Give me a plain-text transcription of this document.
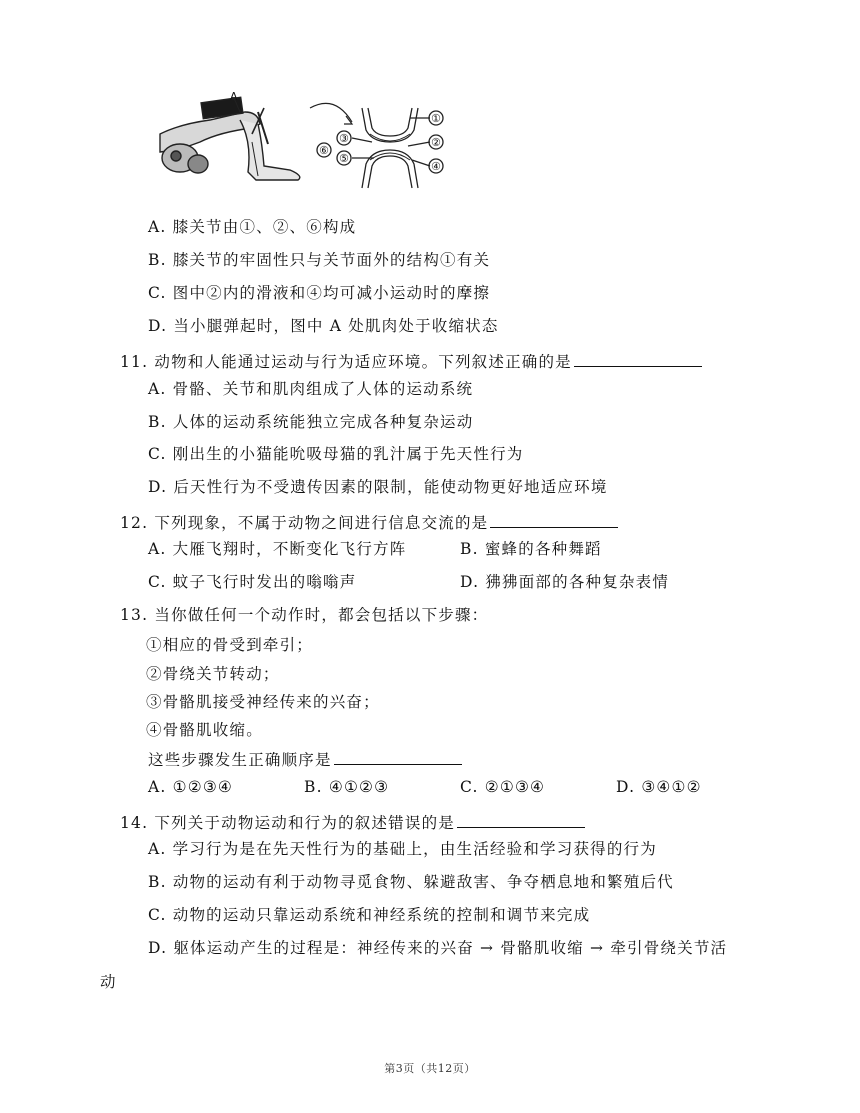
A
③
⑤
⑥
①
②
④
A. 膝关节由①、②、⑥构成
B. 膝关节的牢固性只与关节面外的结构①有关
C. 图中②内的滑液和④均可减小运动时的摩擦
D. 当小腿弹起时，图中 A 处肌肉处于收缩状态
11. 动物和人能通过运动与行为适应环境。下列叙述正确的是
A. 骨骼、关节和肌肉组成了人体的运动系统
B. 人体的运动系统能独立完成各种复杂运动
C. 刚出生的小猫能吮吸母猫的乳汁属于先天性行为
D. 后天性行为不受遗传因素的限制，能使动物更好地适应环境
12. 下列现象，不属于动物之间进行信息交流的是
A. 大雁飞翔时，不断变化飞行方阵	B. 蜜蜂的各种舞蹈
C. 蚊子飞行时发出的嗡嗡声	D. 狒狒面部的各种复杂表情
13. 当你做任何一个动作时，都会包括以下步骤：
①相应的骨受到牵引；
②骨绕关节转动；
③骨骼肌接受神经传来的兴奋；
④骨骼肌收缩。
这些步骤发生正确顺序是
A. ①②③④	B. ④①②③	C. ②①③④	D. ③④①②
14. 下列关于动物运动和行为的叙述错误的是
A. 学习行为是在先天性行为的基础上，由生活经验和学习获得的行为
B. 动物的运动有利于动物寻觅食物、躲避敌害、争夺栖息地和繁殖后代
C. 动物的运动只靠运动系统和神经系统的控制和调节来完成
D. 躯体运动产生的过程是：神经传来的兴奋 → 骨骼肌收缩 → 牵引骨绕关节活
动
第3页（共12页）
